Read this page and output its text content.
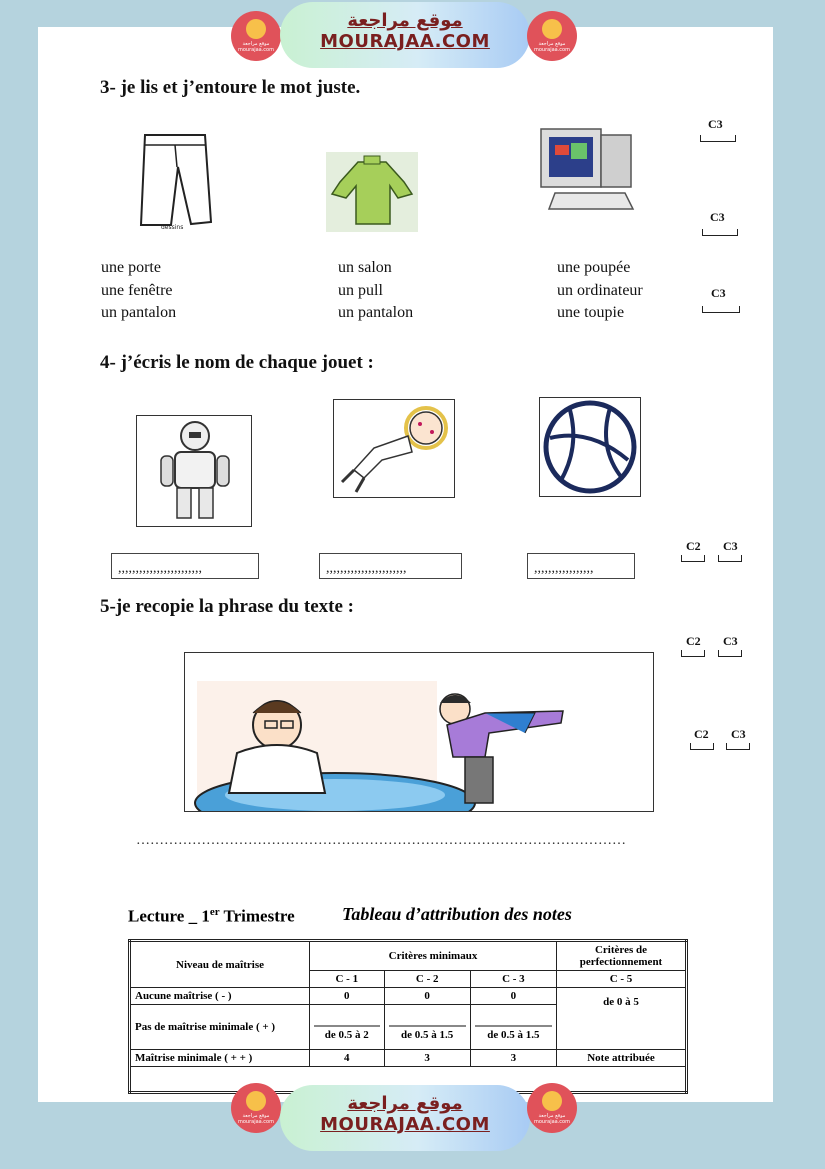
3- je lis et j’entoure le mot juste.
dessins
une porte
une fenêtre
un pantalon
un salon
un pull
un pantalon
une poupée
un ordinateur
une toupie
C3
C3
C3
4- j’écris le nom de chaque jouet :
,,,,,,,,,,,,,,,,,,,,,,,,	,,,,,,,,,,,,,,,,,,,,,,,	,,,,,,,,,,,,,,,,,
C2 C3
5-je recopie la phrase du texte :
C2 C3
C2 C3
……………………………………………………………………………………………
Lecture _ 1er Trimestre	Tableau d’attribution des notes
Niveau de maîtrise	Critères minimaux			Critères de perfectionnement
	C - 1	C - 2	C - 3	C - 5
Aucune maîtrise ( - )	0	0	0	de 0 à 5
Pas de maîtrise minimale ( + )	de 0.5 à 2	de 0.5 à 1.5	de 0.5 à 1.5	

Maîtrise minimale ( + + )	4	3	3	Note attribuée

موقع مراجعة mourajaa.com
موقع مراجعة
MOURAJAA.COM	موقع مراجعة mourajaa.com
موقع مراجعة mourajaa.com
موقع مراجعة
MOURAJAA.COM	موقع مراجعة mourajaa.com
